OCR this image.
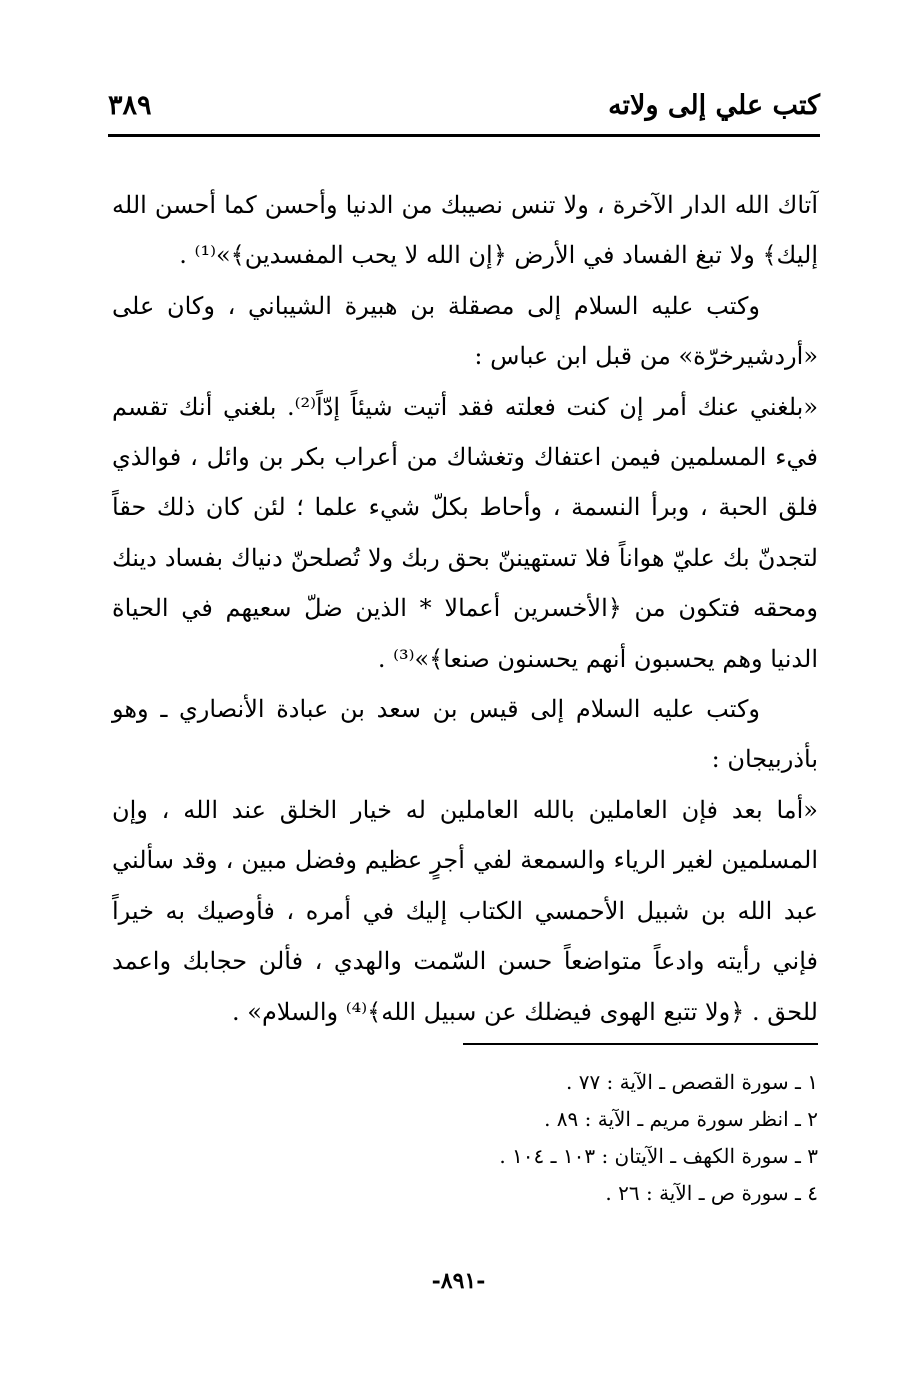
كتب علي إلى ولاته
٣٨٩

آتاك الله الدار الآخرة ، ولا تنس نصيبك من الدنيا وأحسن كما أحسن الله إليك﴾ ولا تبغ الفساد في الأرض ﴿إن الله لا يحب المفسدين﴾»⁽¹⁾ .

وكتب عليه السلام إلى مصقلة بن هبيرة الشيباني ، وكان على «أردشيرخرّة» من قبل ابن عباس :

«بلغني عنك أمر إن كنت فعلته فقد أتيت شيئاً إدّاً⁽²⁾. بلغني أنك تقسم فيء المسلمين فيمن اعتفاك وتغشاك من أعراب بكر بن وائل ، فوالذي فلق الحبة ، وبرأ النسمة ، وأحاط بكلّ شيء علما ؛ لئن كان ذلك حقاً لتجدنّ بك عليّ هواناً فلا تستهيننّ بحق ربك ولا تُصلحنّ دنياك بفساد دينك ومحقه فتكون من ﴿الأخسرين أعمالا * الذين ضلّ سعيهم في الحياة الدنيا وهم يحسبون أنهم يحسنون صنعا﴾»⁽³⁾ .

وكتب عليه السلام إلى قيس بن سعد بن عبادة الأنصاري ـ وهو بأذربيجان :

«أما بعد فإن العاملين بالله العاملين له خيار الخلق عند الله ، وإن المسلمين لغير الرياء والسمعة لفي أجرٍ عظيم وفضل مبين ، وقد سألني عبد الله بن شبيل الأحمسي الكتاب إليك في أمره ، فأوصيك به خيراً فإني رأيته وادعاً متواضعاً حسن السّمت والهدي ، فألن حجابك واعمد للحق . ﴿ولا تتبع الهوى فيضلك عن سبيل الله﴾⁽⁴⁾ والسلام» .

١ ـ سورة القصص ـ الآية : ٧٧ .
٢ ـ انظر سورة مريم ـ الآية : ٨٩ .
٣ ـ سورة الكهف ـ الآيتان : ١٠٣ ـ ١٠٤ .
٤ ـ سورة ص ـ الآية : ٢٦ .
-٨٩١-
